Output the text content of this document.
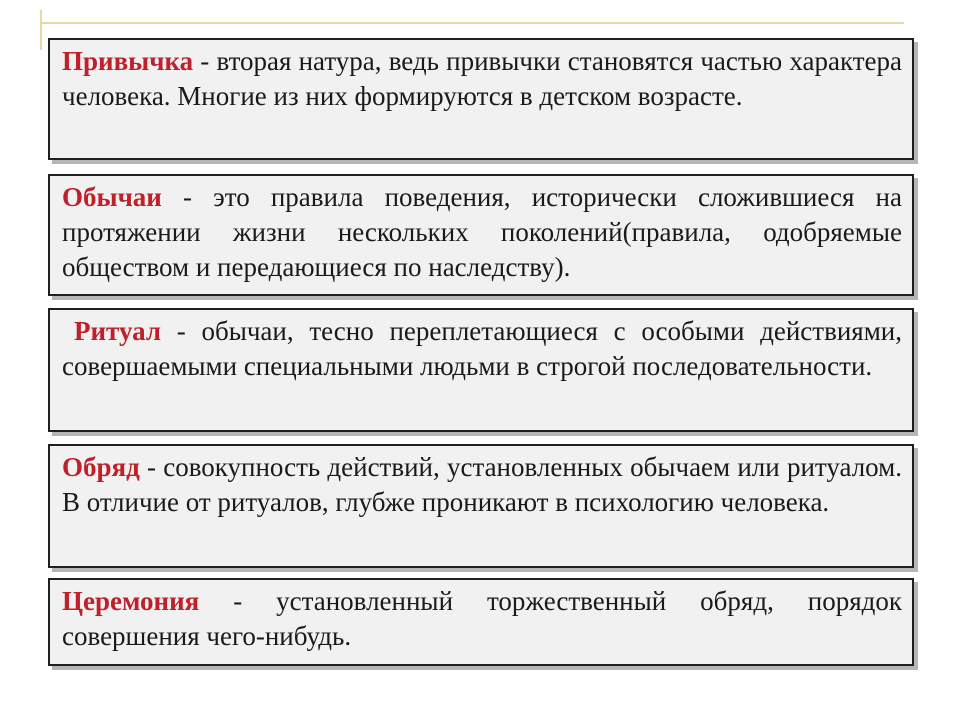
Привычка - вторая натура, ведь привычки становятся частью характера человека. Многие из них формируются в детском возрасте.
Обычаи - это правила поведения, исторически сложившиеся на протяжении жизни нескольких поколений(правила, одобряемые обществом и передающиеся по наследству).
Ритуал - обычаи, тесно переплетающиеся с особыми действиями, совершаемыми специальными людьми в строгой последовательности.
Обряд - совокупность действий, установленных обычаем или ритуалом. В отличие от ритуалов, глубже проникают в психологию человека.
Церемония - установленный торжественный обряд, порядок совершения чего-нибудь.
